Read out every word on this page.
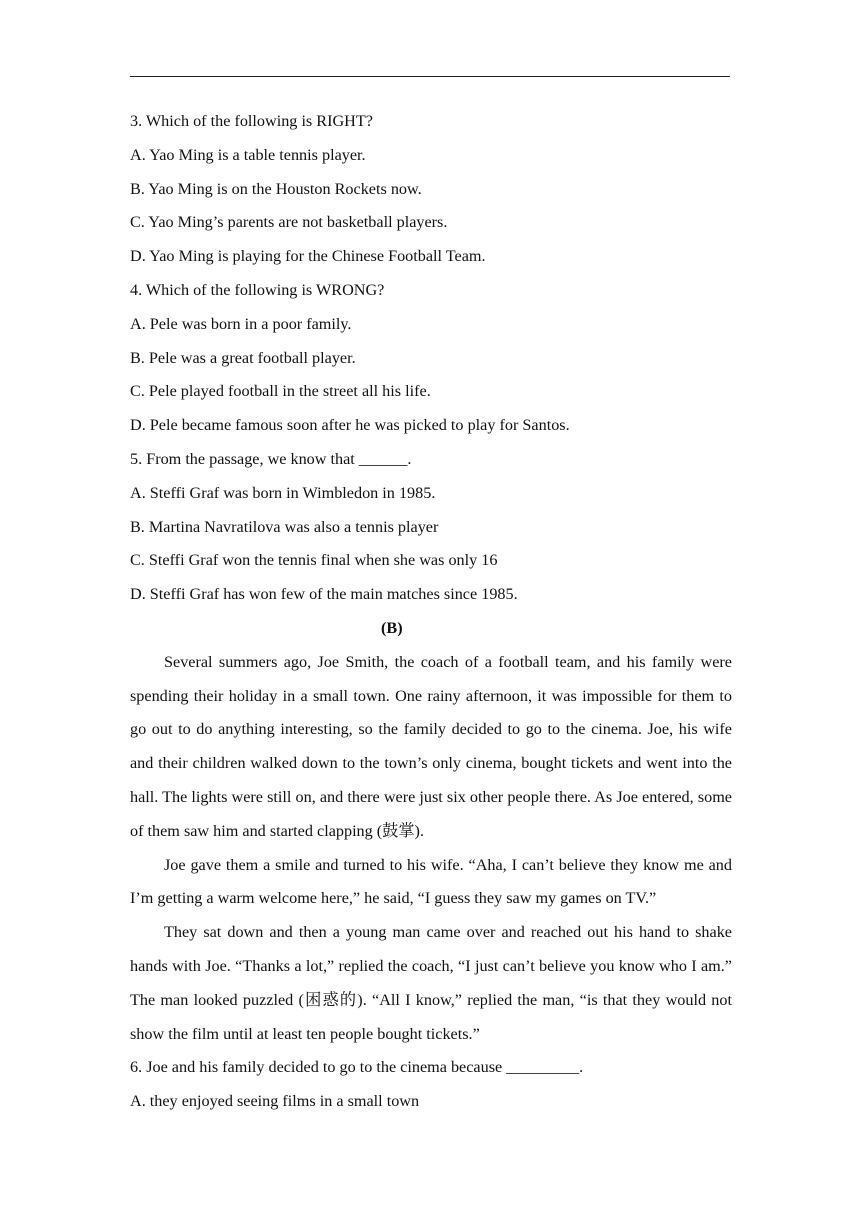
3. Which of the following is RIGHT?

A. Yao Ming is a table tennis player.

B. Yao Ming is on the Houston Rockets now.

C. Yao Ming’s parents are not basketball players.

D. Yao Ming is playing for the Chinese Football Team.

4. Which of the following is WRONG?

A. Pele was born in a poor family.

B. Pele was a great football player.

C. Pele played football in the street all his life.

D. Pele became famous soon after he was picked to play for Santos.

5. From the passage, we know that ______.

A. Steffi Graf was born in Wimbledon in 1985.

B. Martina Navratilova was also a tennis player

C. Steffi Graf won the tennis final when she was only 16

D. Steffi Graf has won few of the main matches since 1985.

(B)

Several summers ago, Joe Smith, the coach of a football team, and his family were spending their holiday in a small town. One rainy afternoon, it was impossible for them to go out to do anything interesting, so the family decided to go to the cinema. Joe, his wife and their children walked down to the town’s only cinema, bought tickets and went into the hall. The lights were still on, and there were just six other people there. As Joe entered, some of them saw him and started clapping (鼓掌).

Joe gave them a smile and turned to his wife. “Aha, I can’t believe they know me and I’m getting a warm welcome here,” he said, “I guess they saw my games on TV.”

They sat down and then a young man came over and reached out his hand to shake hands with Joe. “Thanks a lot,” replied the coach, “I just can’t believe you know who I am.” The man looked puzzled (困惑的). “All I know,” replied the man, “is that they would not show the film until at least ten people bought tickets.”

6. Joe and his family decided to go to the cinema because _________.

A. they enjoyed seeing films in a small town
